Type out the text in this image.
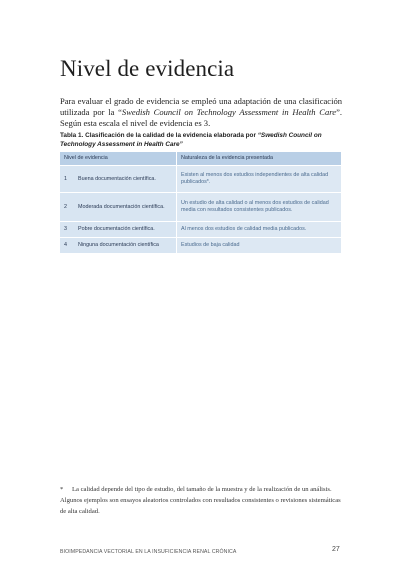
Nivel de evidencia

Para evaluar el grado de evidencia se empleó una adaptación de una clasificación utilizada por la “Swedish Council on Technology Assessment in Health Care”. Según esta escala el nivel de evidencia es 3.

Tabla 1. Clasificación de la calidad de la evidencia elaborada por “Swedish Council on Technology Assessment in Health Care”

Nivel de evidencia		Naturaleza de la evidencia presentada
1	Buena documentación científica.	Existen al menos dos estudios independientes de alta calidad publicados*.
2	Moderada documentación científica.	Un estudio de alta calidad o al menos dos estudios de calidad media con resultados consistentes publicados.
3	Pobre documentación científica.	Al menos dos estudios de calidad media publicados.
4	Ninguna documentación científica	Estudios de baja calidad

* La calidad depende del tipo de estudio, del tamaño de la muestra y de la realización de un análisis. Algunos ejemplos son ensayos aleatorios controlados con resultados consistentes o revisiones sistemáticas de alta calidad.

BIOIMPEDANCIA VECTORIAL EN LA INSUFICIENCIA RENAL CRÓNICA	27
